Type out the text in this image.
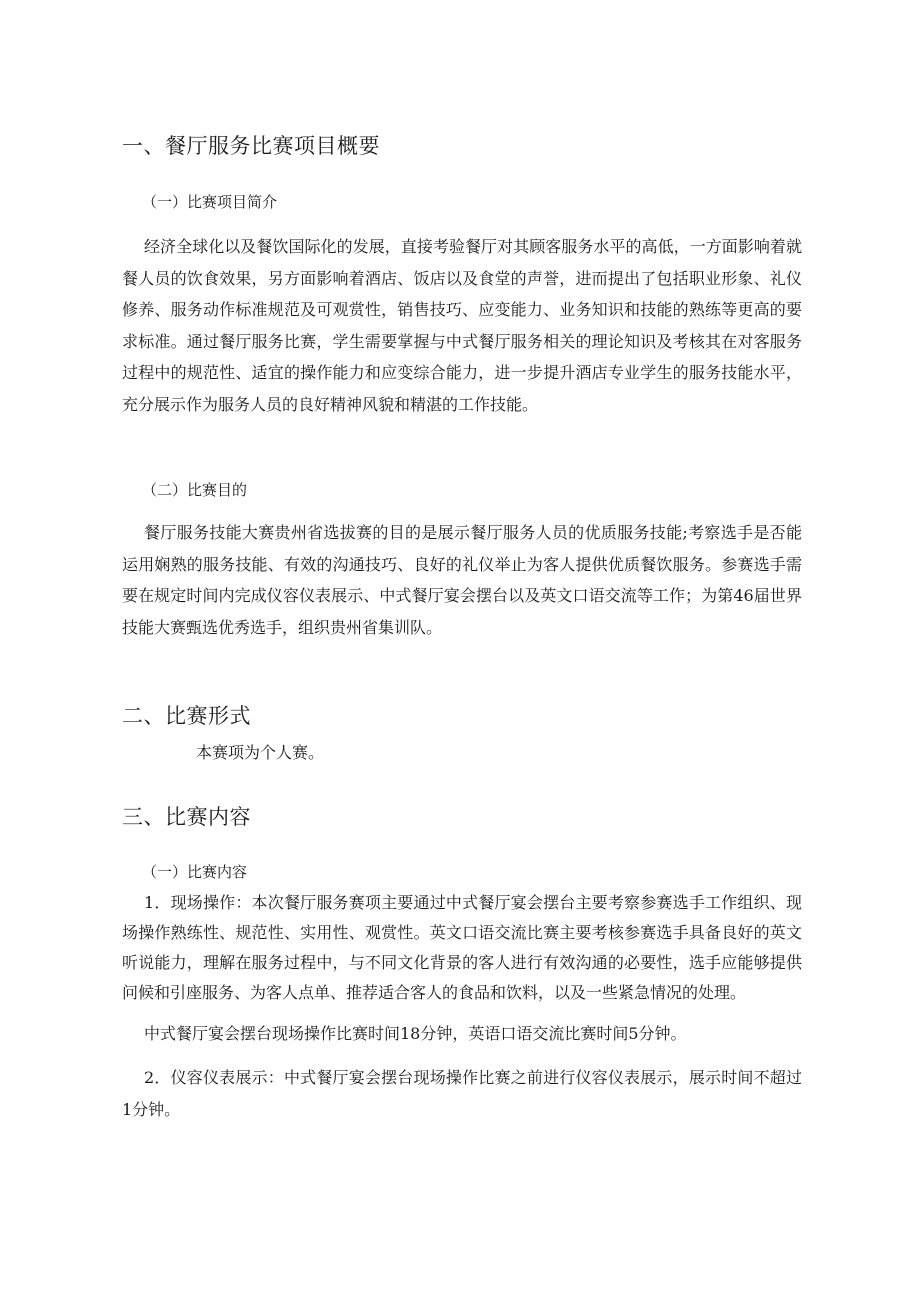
一、餐厅服务比赛项目概要
（一）比赛项目简介
经济全球化以及餐饮国际化的发展，直接考验餐厅对其顾客服务水平的高低，一方面影响着就餐人员的饮食效果，另方面影响着酒店、饭店以及食堂的声誉，进而提出了包括职业形象、礼仪修养、服务动作标准规范及可观赏性，销售技巧、应变能力、业务知识和技能的熟练等更高的要求标准。通过餐厅服务比赛，学生需要掌握与中式餐厅服务相关的理论知识及考核其在对客服务过程中的规范性、适宜的操作能力和应变综合能力，进一步提升酒店专业学生的服务技能水平，充分展示作为服务人员的良好精神风貌和精湛的工作技能。
（二）比赛目的
餐厅服务技能大赛贵州省选拔赛的目的是展示餐厅服务人员的优质服务技能;考察选手是否能运用娴熟的服务技能、有效的沟通技巧、良好的礼仪举止为客人提供优质餐饮服务。参赛选手需要在规定时间内完成仪容仪表展示、中式餐厅宴会摆台以及英文口语交流等工作；为第46届世界技能大赛甄选优秀选手，组织贵州省集训队。
二、比赛形式
本赛项为个人赛。
三、比赛内容
（一）比赛内容
1．现场操作：本次餐厅服务赛项主要通过中式餐厅宴会摆台主要考察参赛选手工作组织、现场操作熟练性、规范性、实用性、观赏性。英文口语交流比赛主要考核参赛选手具备良好的英文听说能力，理解在服务过程中，与不同文化背景的客人进行有效沟通的必要性，选手应能够提供问候和引座服务、为客人点单、推荐适合客人的食品和饮料，以及一些紧急情况的处理。
中式餐厅宴会摆台现场操作比赛时间18分钟，英语口语交流比赛时间5分钟。
2．仪容仪表展示：中式餐厅宴会摆台现场操作比赛之前进行仪容仪表展示，展示时间不超过1分钟。
